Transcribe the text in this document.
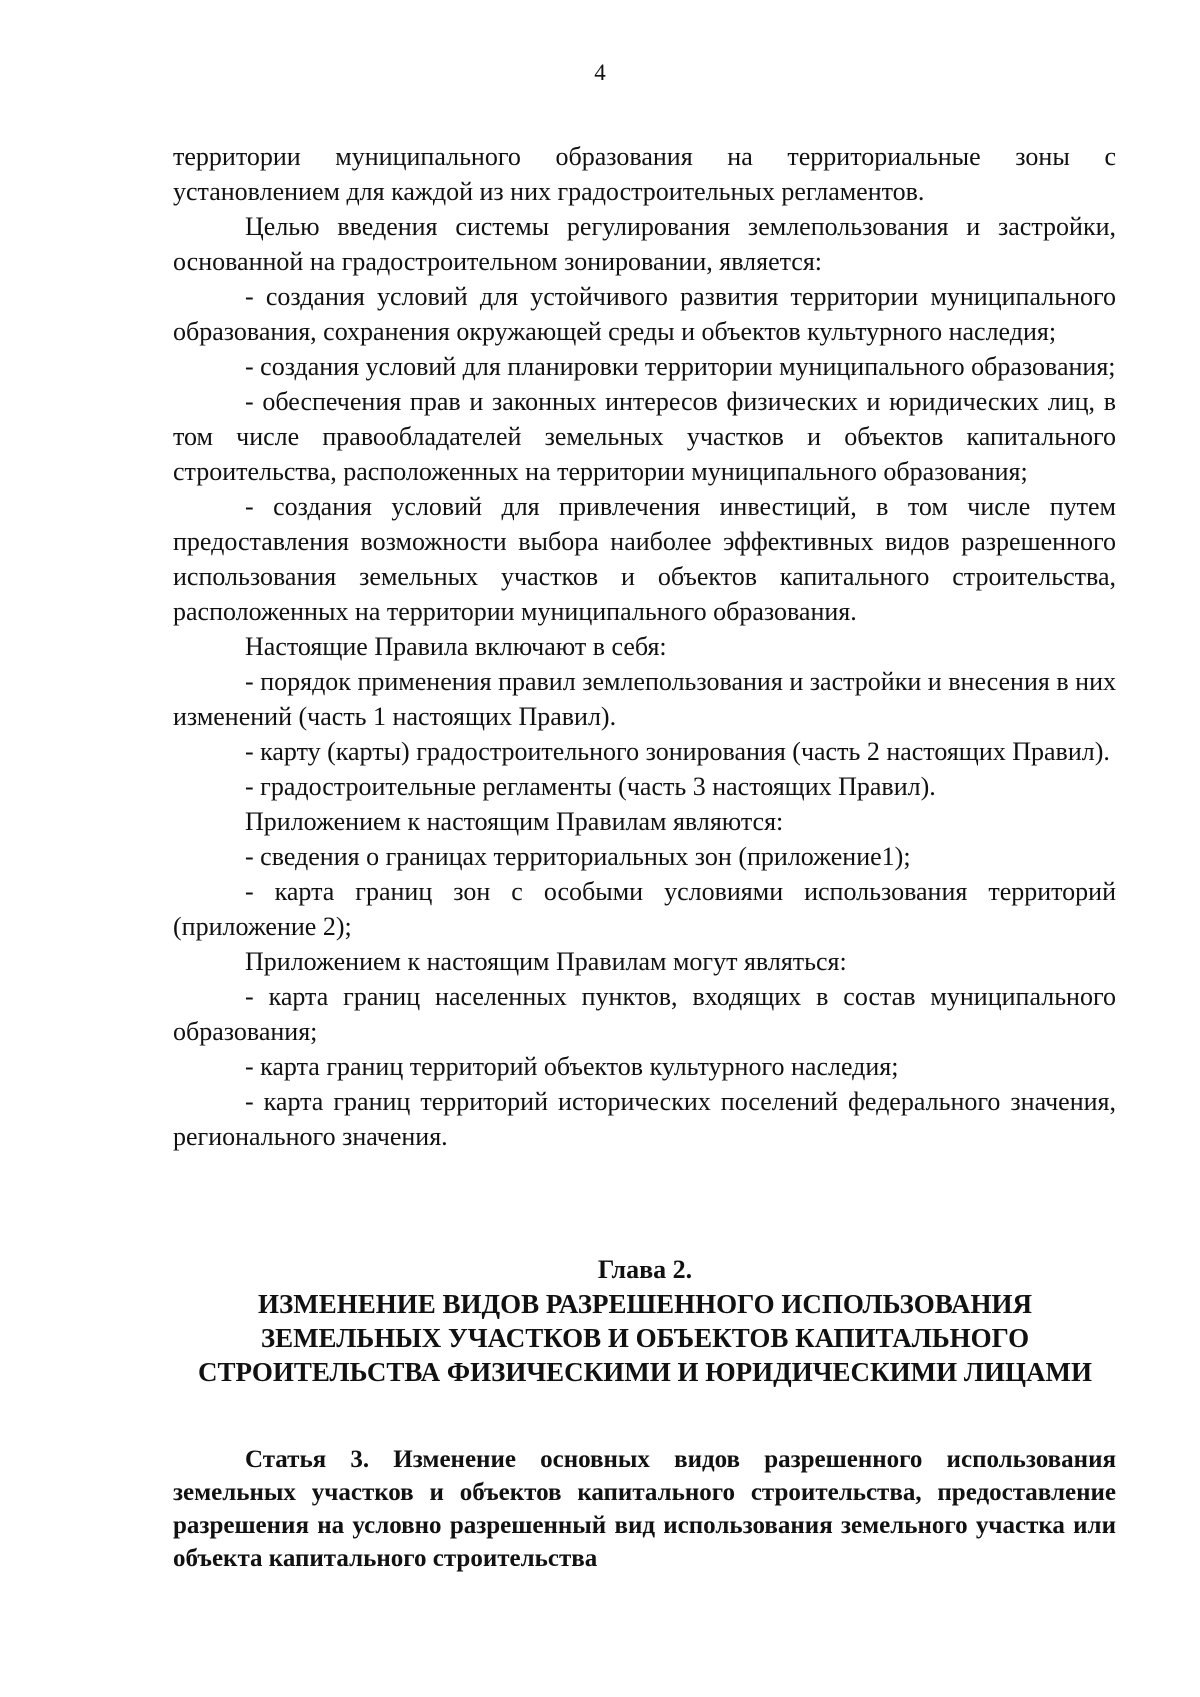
4

территории муниципального образования на территориальные зоны с установлением для каждой из них градостроительных регламентов.

Целью введения системы регулирования землепользования и застройки, основанной на градостроительном зонировании, является:

- создания условий для устойчивого развития территории муниципального образования, сохранения окружающей среды и объектов культурного наследия;

- создания условий для планировки территории муниципального образования;

- обеспечения прав и законных интересов физических и юридических лиц, в том числе правообладателей земельных участков и объектов капитального строительства, расположенных на территории муниципального образования;

- создания условий для привлечения инвестиций, в том числе путем предоставления возможности выбора наиболее эффективных видов разрешенного использования земельных участков и объектов капитального строительства, расположенных на территории муниципального образования.

Настоящие Правила включают в себя:

- порядок применения правил землепользования и застройки и внесения в них изменений (часть 1 настоящих Правил).

- карту (карты) градостроительного зонирования (часть 2 настоящих Правил).

- градостроительные регламенты (часть 3 настоящих Правил).

Приложением к настоящим Правилам являются:

- сведения о границах территориальных зон (приложение1);

- карта границ зон с особыми условиями использования территорий (приложение 2);

Приложением к настоящим Правилам могут являться:

- карта границ населенных пунктов, входящих в состав муниципального образования;

- карта границ территорий объектов культурного наследия;

- карта границ территорий исторических поселений федерального значения, регионального значения.

Глава 2.
ИЗМЕНЕНИЕ ВИДОВ РАЗРЕШЕННОГО ИСПОЛЬЗОВАНИЯ
ЗЕМЕЛЬНЫХ УЧАСТКОВ И ОБЪЕКТОВ КАПИТАЛЬНОГО
СТРОИТЕЛЬСТВА ФИЗИЧЕСКИМИ И ЮРИДИЧЕСКИМИ ЛИЦАМИ

Статья 3. Изменение основных видов разрешенного использования земельных участков и объектов капитального строительства, предоставление разрешения на условно разрешенный вид использования земельного участка или объекта капитального строительства
